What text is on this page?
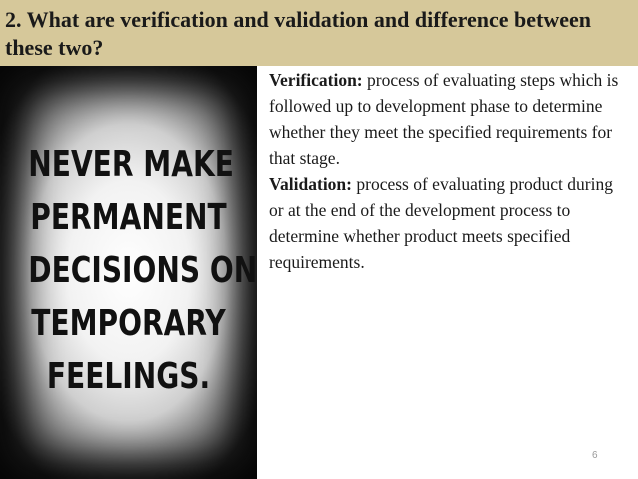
2. What are verification and validation and difference between these two?
NEVER MAKE
PERMANENT
DECISIONS ON
TEMPORARY
FEELINGS.

Verification: process of evaluating steps which is followed up to development phase to determine whether they meet the specified requirements for that stage.

Validation: process of evaluating product during or at the end of the development process to determine whether product meets specified requirements.

6
